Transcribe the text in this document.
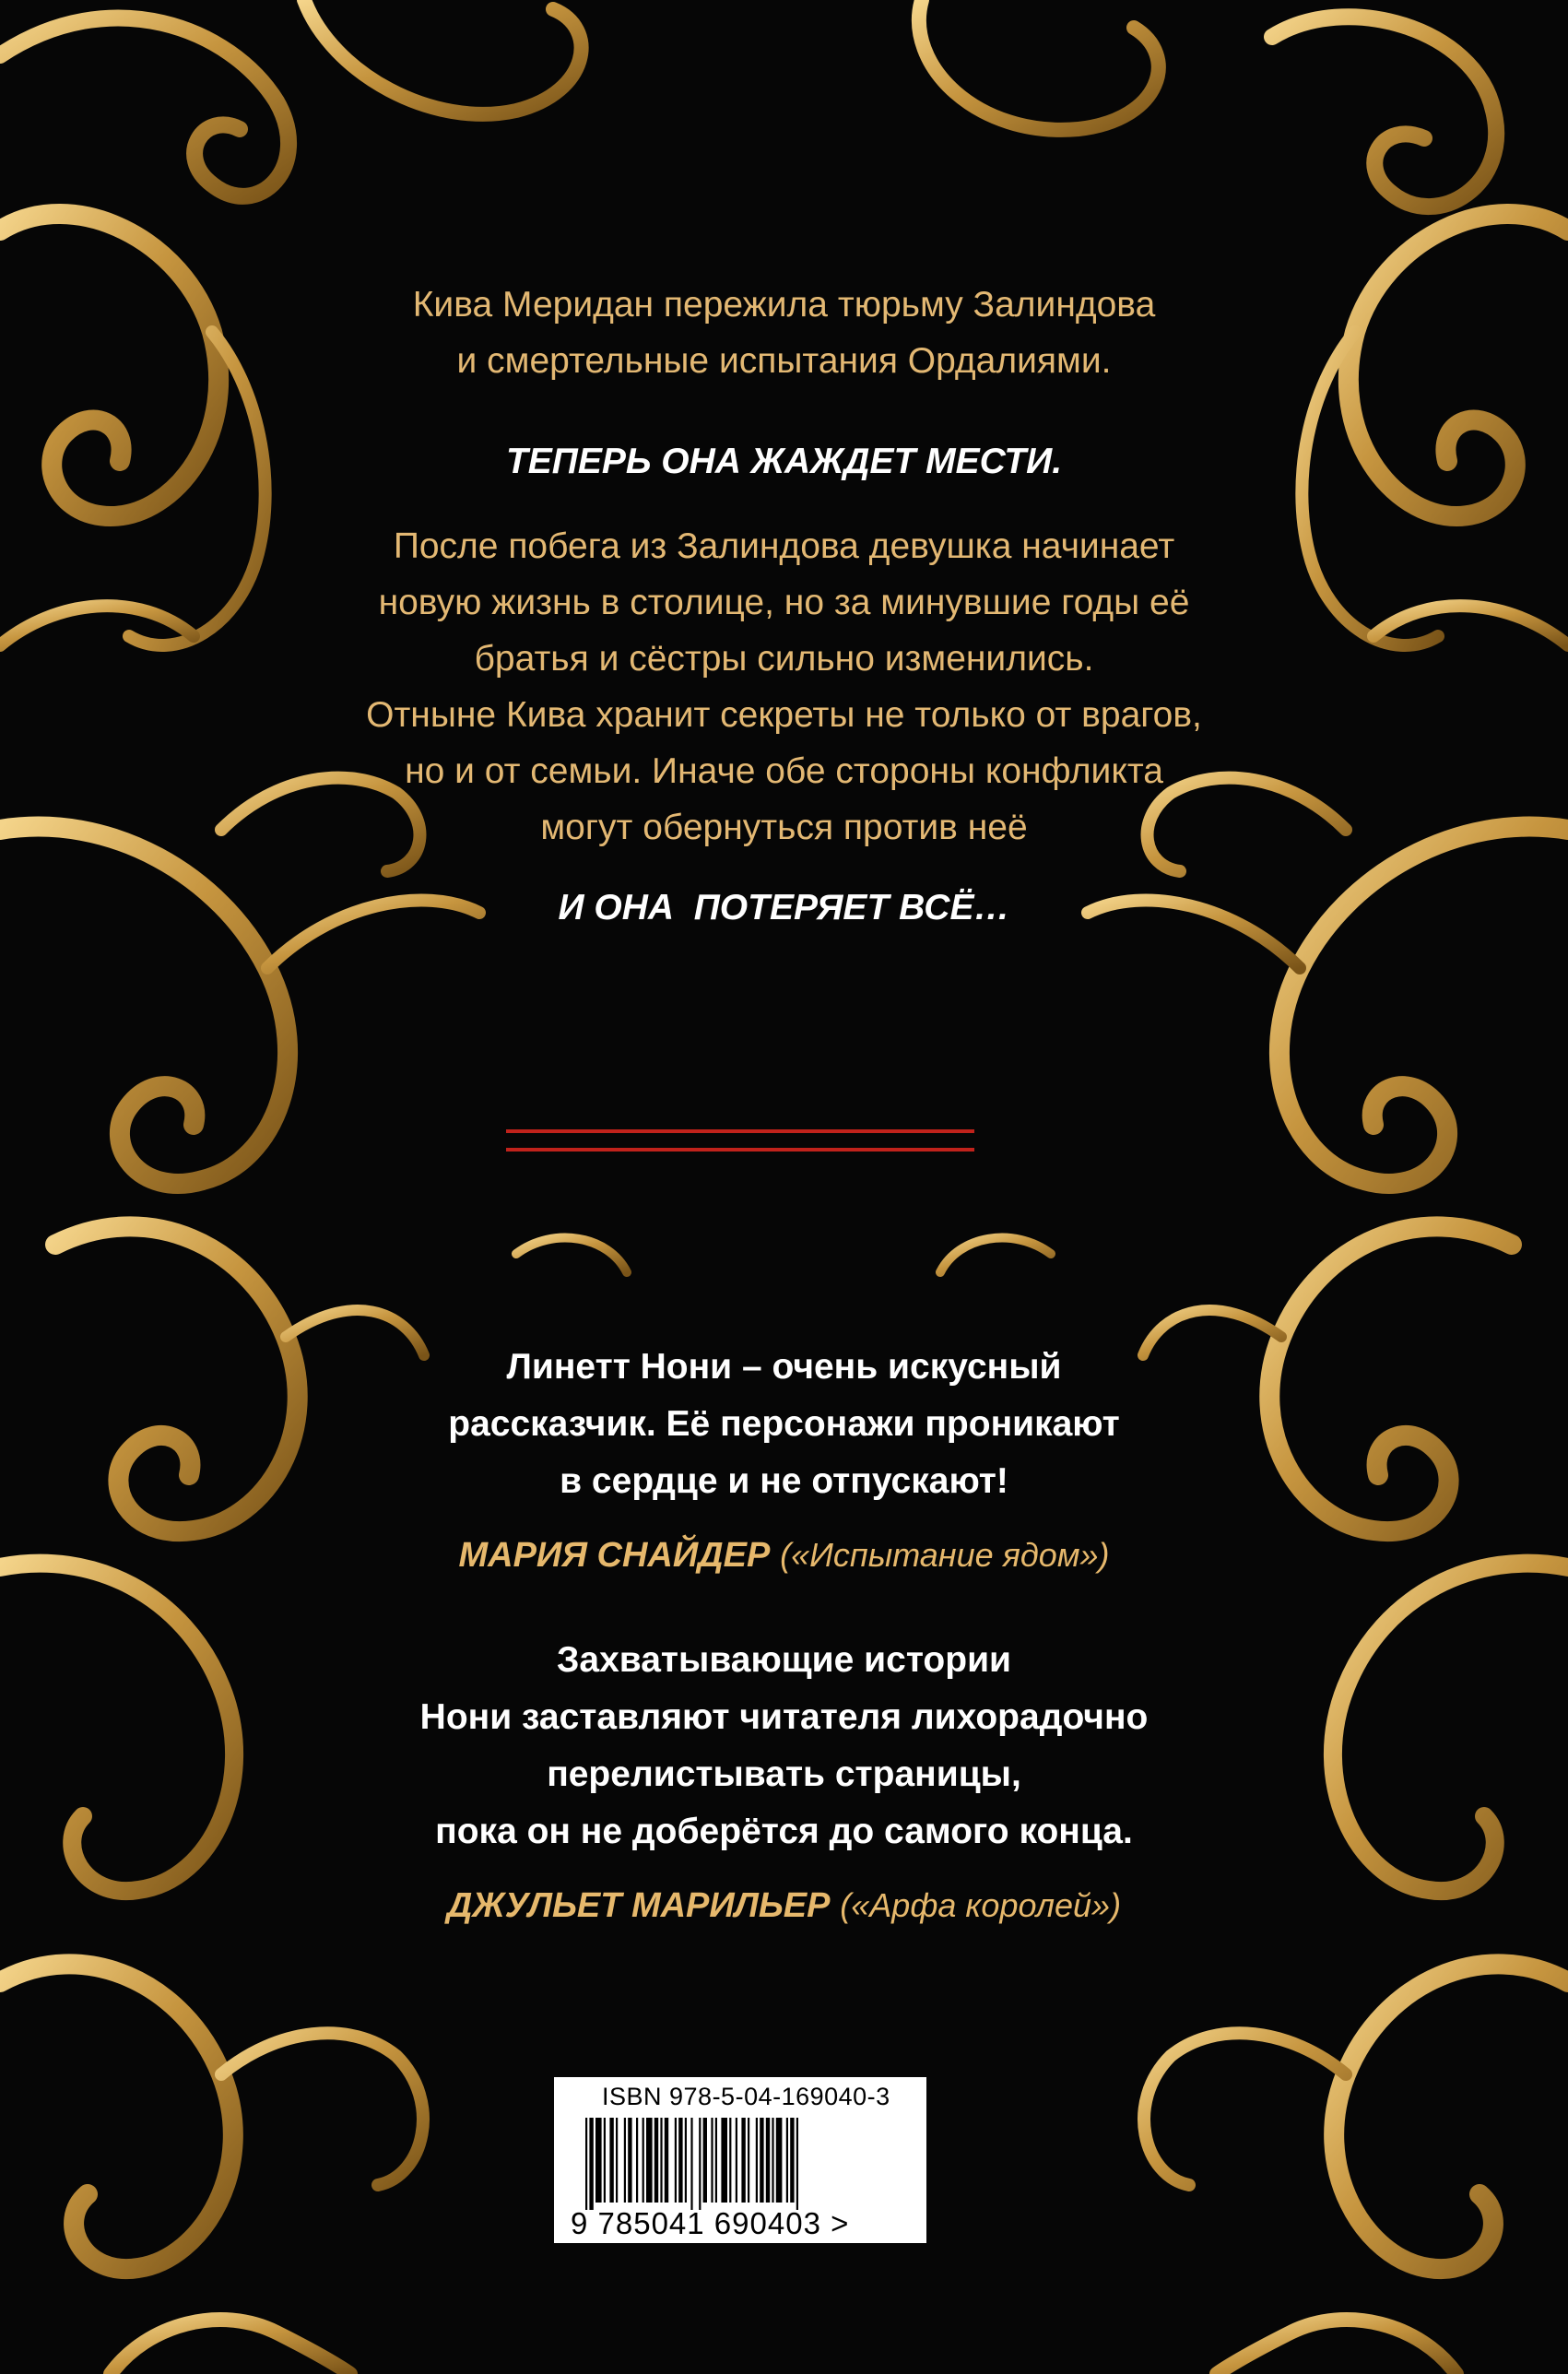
Кива Меридан пережила тюрьму Залиндова
и смертельные испытания Ордалиями.
ТЕПЕРЬ ОНА ЖАЖДЕТ МЕСТИ.
После побега из Залиндова девушка начинает
новую жизнь в столице, но за минувшие годы её
братья и сёстры сильно изменились.
Отныне Кива хранит секреты не только от врагов,
но и от семьи. Иначе обе стороны конфликта
могут обернуться против неё
И ОНА  ПОТЕРЯЕТ ВСЁ…
Линетт Нони – очень искусный
рассказчик. Её персонажи проникают
в сердце и не отпускают!
МАРИЯ СНАЙДЕР («Испытание ядом»)
Захватывающие истории
Нони заставляют читателя лихорадочно
перелистывать страницы,
пока он не доберётся до самого конца.
ДЖУЛЬЕТ МАРИЛЬЕР («Арфа королей»)
ISBN 978-5-04-169040-3
9 785041 690403 >
